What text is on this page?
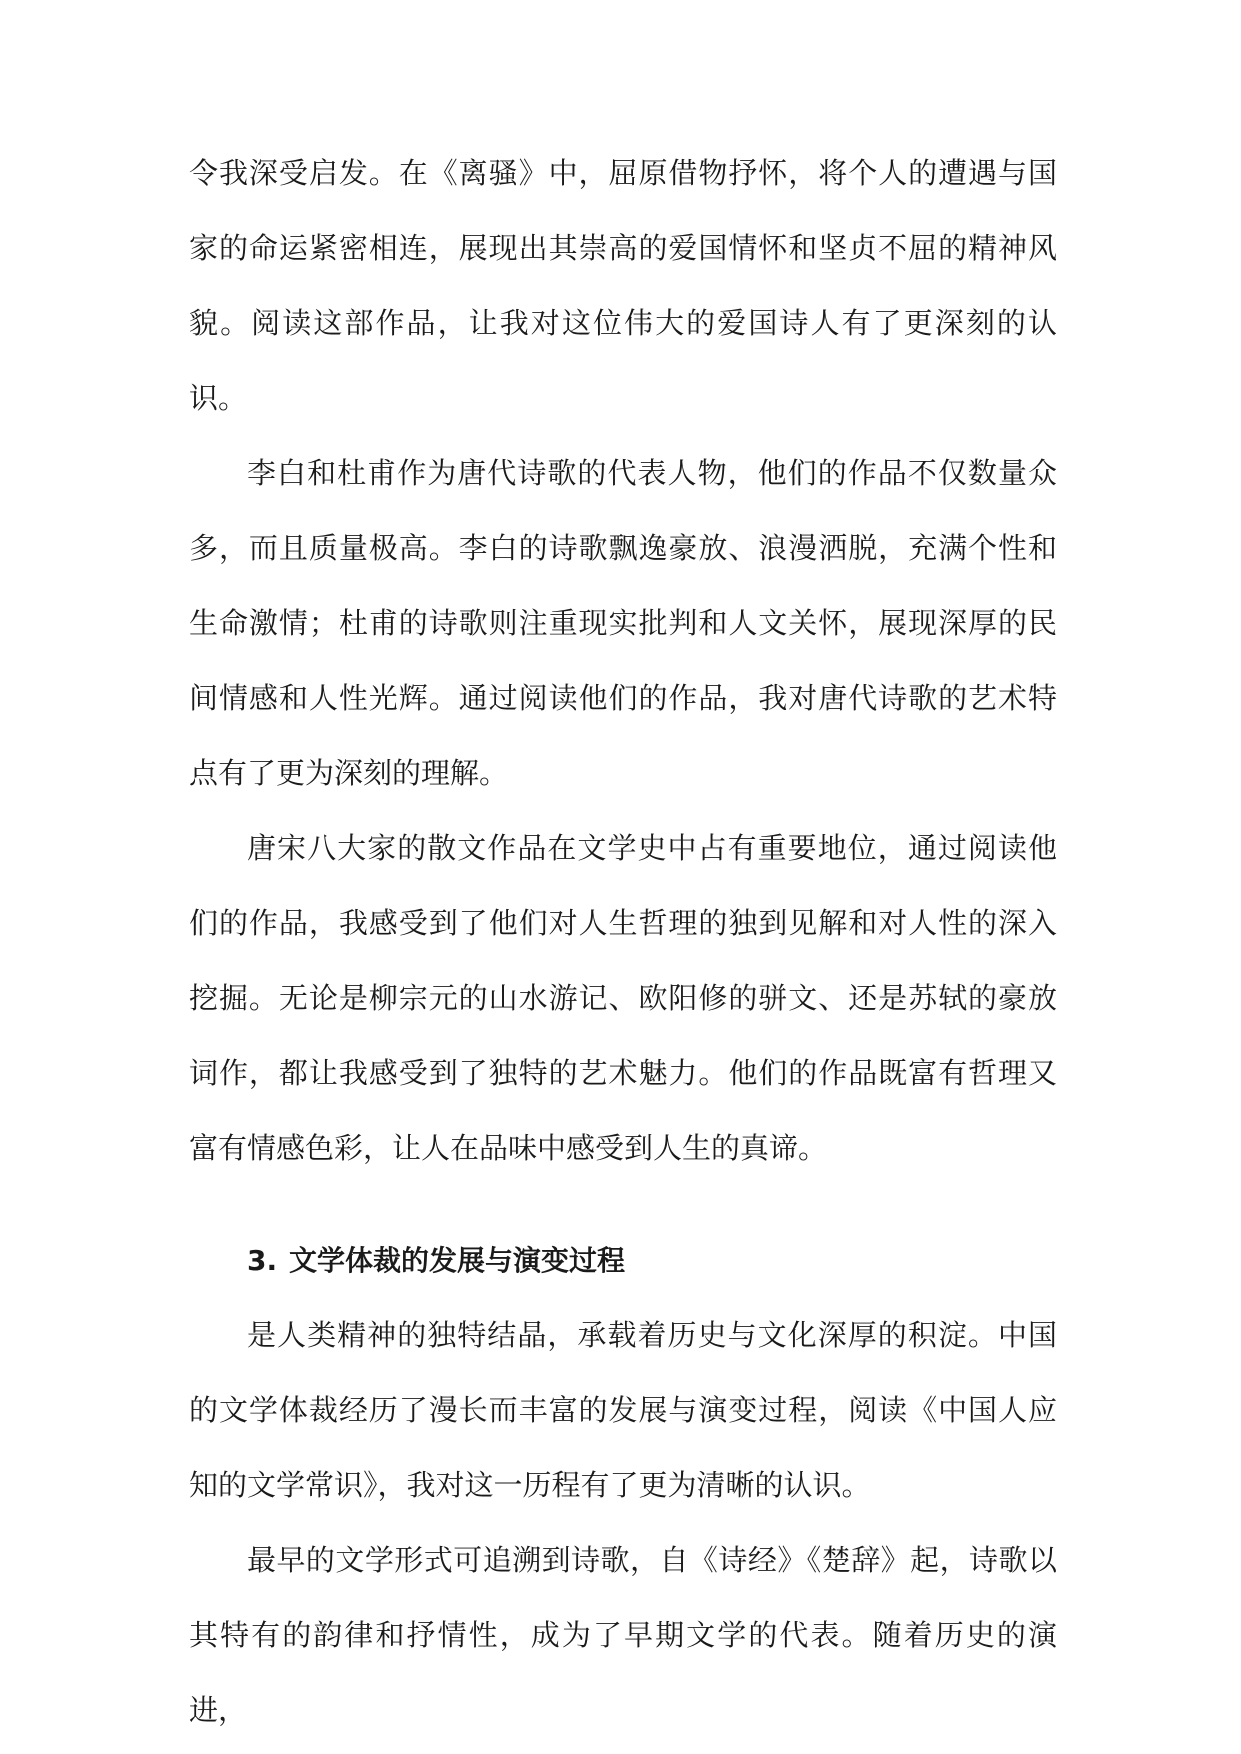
令我深受启发。在《离骚》中，屈原借物抒怀，将个人的遭遇与国家的命运紧密相连，展现出其崇高的爱国情怀和坚贞不屈的精神风貌。阅读这部作品，让我对这位伟大的爱国诗人有了更深刻的认识。

李白和杜甫作为唐代诗歌的代表人物，他们的作品不仅数量众多，而且质量极高。李白的诗歌飘逸豪放、浪漫洒脱，充满个性和生命激情；杜甫的诗歌则注重现实批判和人文关怀，展现深厚的民间情感和人性光辉。通过阅读他们的作品，我对唐代诗歌的艺术特点有了更为深刻的理解。

唐宋八大家的散文作品在文学史中占有重要地位，通过阅读他们的作品，我感受到了他们对人生哲理的独到见解和对人性的深入挖掘。无论是柳宗元的山水游记、欧阳修的骈文、还是苏轼的豪放词作，都让我感受到了独特的艺术魅力。他们的作品既富有哲理又富有情感色彩，让人在品味中感受到人生的真谛。

3. 文学体裁的发展与演变过程

是人类精神的独特结晶，承载着历史与文化深厚的积淀。中国的文学体裁经历了漫长而丰富的发展与演变过程，阅读《中国人应知的文学常识》，我对这一历程有了更为清晰的认识。

最早的文学形式可追溯到诗歌，自《诗经》《楚辞》起，诗歌以其特有的韵律和抒情性，成为了早期文学的代表。随着历史的演进，
